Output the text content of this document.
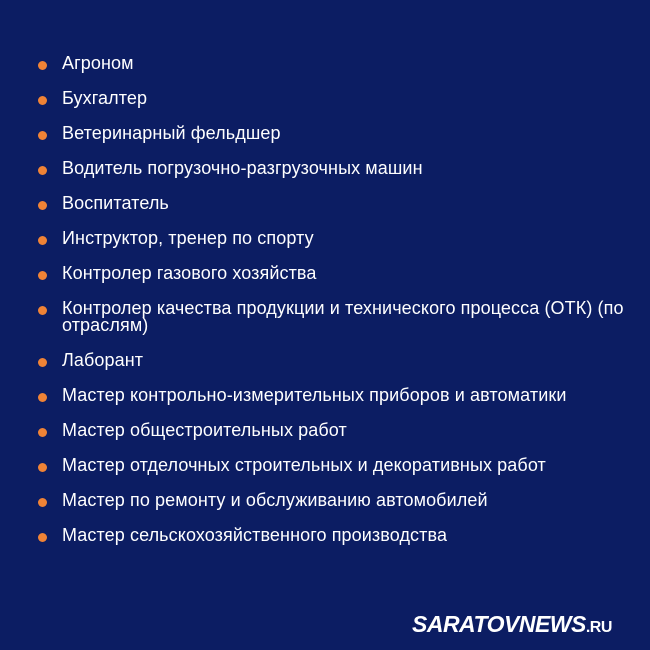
Агроном
Бухгалтер
Ветеринарный фельдшер
Водитель погрузочно-разгрузочных машин
Воспитатель
Инструктор, тренер по спорту
Контролер газового хозяйства
Контролер качества продукции и технического процесса (ОТК) (по отраслям)
Лаборант
Мастер контрольно-измерительных приборов и автоматики
Мастер общестроительных работ
Мастер отделочных строительных и декоративных работ
Мастер по ремонту и обслуживанию автомобилей
Мастер сельскохозяйственного производства
SARATOVNEWS.RU
